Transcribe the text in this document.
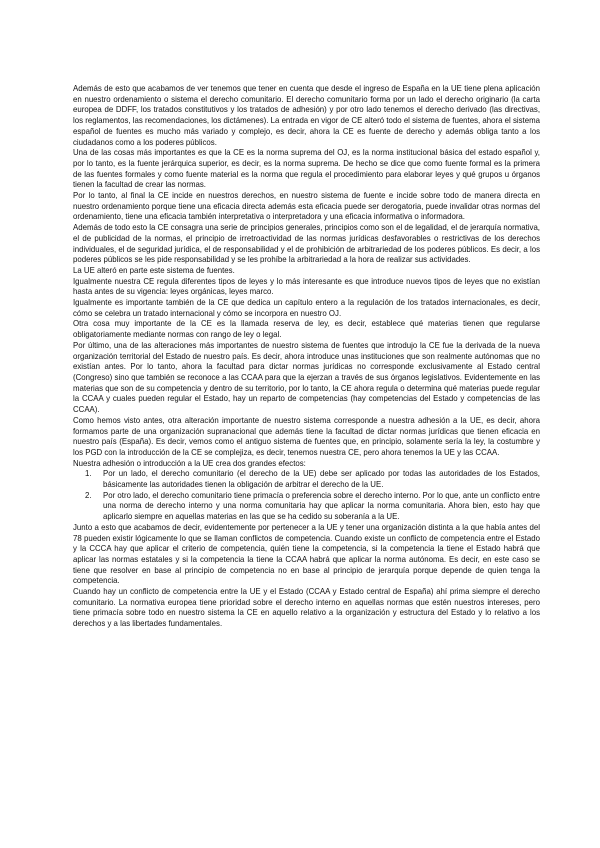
Además de esto que acabamos de ver tenemos que tener en cuenta que desde el ingreso de España en la UE tiene plena aplicación en nuestro ordenamiento o sistema el derecho comunitario. El derecho comunitario forma por un lado el derecho originario (la carta europea de DDFF, los tratados constitutivos y los tratados de adhesión) y por otro lado tenemos el derecho derivado (las directivas, los reglamentos, las recomendaciones, los dictámenes). La entrada en vigor de CE alteró todo el sistema de fuentes, ahora el sistema español de fuentes es mucho más variado y complejo, es decir, ahora la CE es fuente de derecho y además obliga tanto a los ciudadanos como a los poderes públicos.

Una de las cosas más importantes es que la CE es la norma suprema del OJ, es la norma institucional básica del estado español y, por lo tanto, es la fuente jerárquica superior, es decir, es la norma suprema. De hecho se dice que como fuente formal es la primera de las fuentes formales y como fuente material es la norma que regula el procedimiento para elaborar leyes y qué grupos u órganos tienen la facultad de crear las normas.

Por lo tanto, al final la CE incide en nuestros derechos, en nuestro sistema de fuente e incide sobre todo de manera directa en nuestro ordenamiento porque tiene una eficacia directa además esta eficacia puede ser derogatoria, puede invalidar otras normas del ordenamiento, tiene una eficacia también interpretativa o interpretadora y una eficacia informativa o informadora.

Además de todo esto la CE consagra una serie de principios generales, principios como son el de legalidad, el de jerarquía normativa, el de publicidad de la normas, el principio de irretroactividad de las normas jurídicas desfavorables o restrictivas de los derechos individuales, el de seguridad jurídica, el de responsabilidad y el de prohibición de arbitrariedad de los poderes públicos. Es decir, a los poderes públicos se les pide responsabilidad y se les prohíbe la arbitrariedad a la hora de realizar sus actividades.

La UE alteró en parte este sistema de fuentes.

Igualmente nuestra CE regula diferentes tipos de leyes y lo más interesante es que introduce nuevos tipos de leyes que no existían hasta antes de su vigencia: leyes orgánicas, leyes marco.

Igualmente es importante también de la CE que dedica un capítulo entero a la regulación de los tratados internacionales, es decir, cómo se celebra un tratado internacional y cómo se incorpora en nuestro OJ.

Otra cosa muy importante de la CE es la llamada reserva de ley, es decir, establece qué materias tienen que regularse obligatoriamente mediante normas con rango de ley o legal.

Por último, una de las alteraciones más importantes de nuestro sistema de fuentes que introdujo la CE fue la derivada de la nueva organización territorial del Estado de nuestro país. Es decir, ahora introduce unas instituciones que son realmente autónomas que no existían antes. Por lo tanto, ahora la facultad para dictar normas jurídicas no corresponde exclusivamente al Estado central (Congreso) sino que también se reconoce a las CCAA para que la ejerzan a través de sus órganos legislativos. Evidentemente en las materias que son de su competencia y dentro de su territorio, por lo tanto, la CE ahora regula o determina qué materias puede regular la CCAA y cuales pueden regular el Estado, hay un reparto de competencias (hay competencias del Estado y competencias de las CCAA).

Como hemos visto antes, otra alteración importante de nuestro sistema corresponde a nuestra adhesión a la UE, es decir, ahora formamos parte de una organización supranacional que además tiene la facultad de dictar normas jurídicas que tienen eficacia en nuestro país (España). Es decir, vemos como el antiguo sistema de fuentes que, en principio, solamente sería la ley, la costumbre y los PGD con la introducción de la CE se complejiza, es decir, tenemos nuestra CE, pero ahora tenemos la UE y las CCAA.

Nuestra adhesión o introducción a la UE crea dos grandes efectos:

1. Por un lado, el derecho comunitario (el derecho de la UE) debe ser aplicado por todas las autoridades de los Estados, básicamente las autoridades tienen la obligación de arbitrar el derecho de la UE.
2. Por otro lado, el derecho comunitario tiene primacía o preferencia sobre el derecho interno. Por lo que, ante un conflicto entre una norma de derecho interno y una norma comunitaria hay que aplicar la norma comunitaria. Ahora bien, esto hay que aplicarlo siempre en aquellas materias en las que se ha cedido su soberanía a la UE.

Junto a esto que acabamos de decir, evidentemente por pertenecer a la UE y tener una organización distinta a la que había antes del 78 pueden existir lógicamente lo que se llaman conflictos de competencia. Cuando existe un conflicto de competencia entre el Estado y la CCCA hay que aplicar el criterio de competencia, quién tiene la competencia, si la competencia la tiene el Estado habrá que aplicar las normas estatales y si la competencia la tiene la CCAA habrá que aplicar la norma autónoma. Es decir, en este caso se tiene que resolver en base al principio de competencia no en base al principio de jerarquía porque depende de quien tenga la competencia.

Cuando hay un conflicto de competencia entre la UE y el Estado (CCAA y Estado central de España) ahí prima siempre el derecho comunitario. La normativa europea tiene prioridad sobre el derecho interno en aquellas normas que estén nuestros intereses, pero tiene primacía sobre todo en nuestro sistema la CE en aquello relativo a la organización y estructura del Estado y lo relativo a los derechos y a las libertades fundamentales.
